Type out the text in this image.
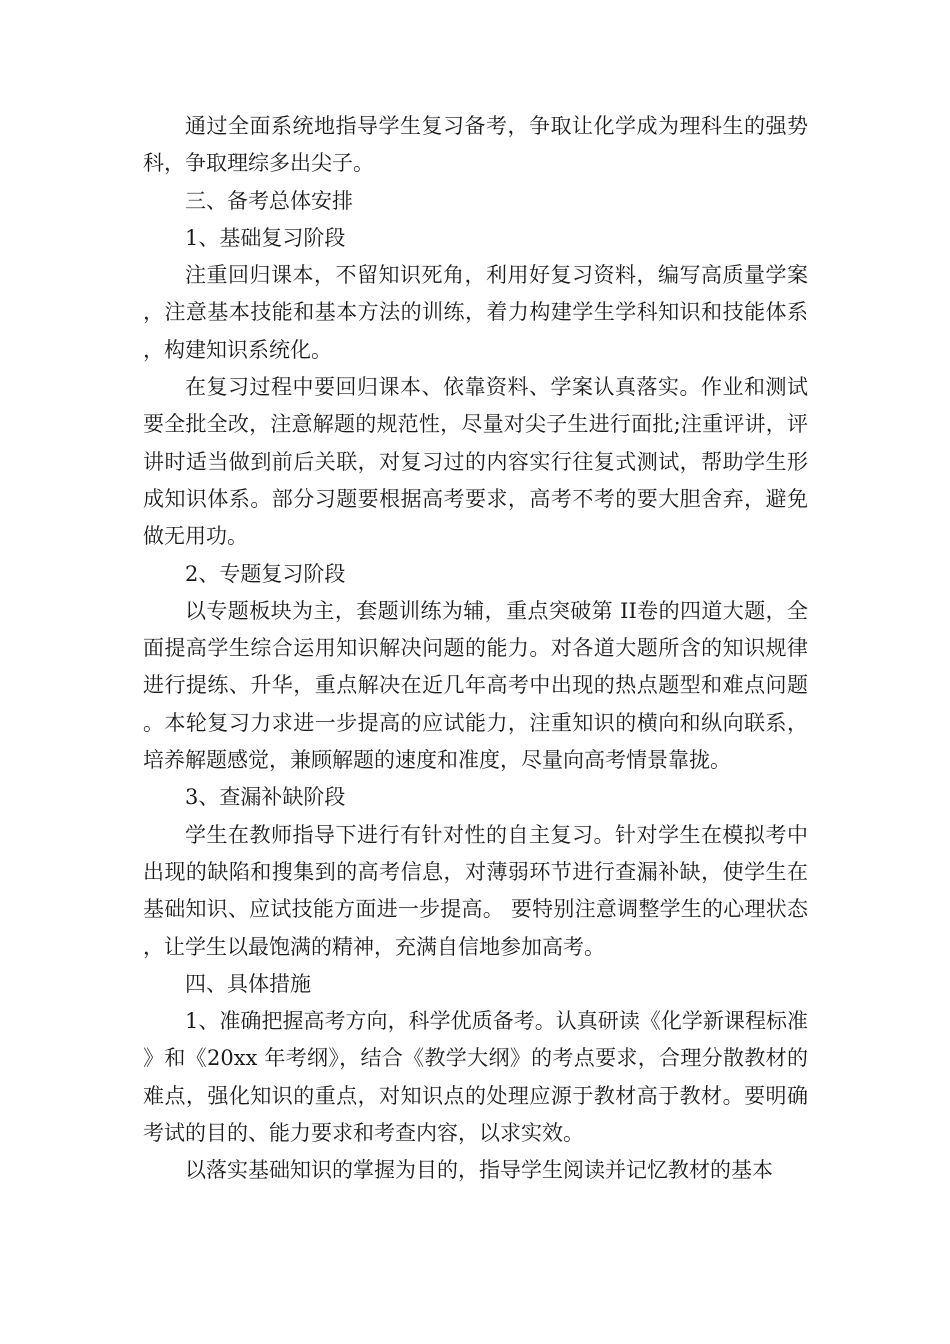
通过全面系统地指导学生复习备考，争取让化学成为理科生的强势科，争取理综多出尖子。

三、备考总体安排

1、基础复习阶段

注重回归课本，不留知识死角，利用好复习资料，编写高质量学案，注意基本技能和基本方法的训练，着力构建学生学科知识和技能体系，构建知识系统化。

在复习过程中要回归课本、依靠资料、学案认真落实。作业和测试要全批全改，注意解题的规范性，尽量对尖子生进行面批;注重评讲，评讲时适当做到前后关联，对复习过的内容实行往复式测试，帮助学生形成知识体系。部分习题要根据高考要求，高考不考的要大胆舍弃，避免做无用功。

2、专题复习阶段

以专题板块为主，套题训练为辅，重点突破第 II卷的四道大题，全面提高学生综合运用知识解决问题的能力。对各道大题所含的知识规律进行提练、升华，重点解决在近几年高考中出现的热点题型和难点问题。本轮复习力求进一步提高的应试能力，注重知识的横向和纵向联系，培养解题感觉，兼顾解题的速度和准度，尽量向高考情景靠拢。

3、查漏补缺阶段

学生在教师指导下进行有针对性的自主复习。针对学生在模拟考中出现的缺陷和搜集到的高考信息，对薄弱环节进行查漏补缺，使学生在基础知识、应试技能方面进一步提高。 要特别注意调整学生的心理状态，让学生以最饱满的精神，充满自信地参加高考。

四、具体措施

1、准确把握高考方向，科学优质备考。认真研读《化学新课程标准》和《20xx 年考纲》，结合《教学大纲》的考点要求，合理分散教材的难点，强化知识的重点，对知识点的处理应源于教材高于教材。要明确考试的目的、能力要求和考查内容，以求实效。

以落实基础知识的掌握为目的，指导学生阅读并记忆教材的基本
